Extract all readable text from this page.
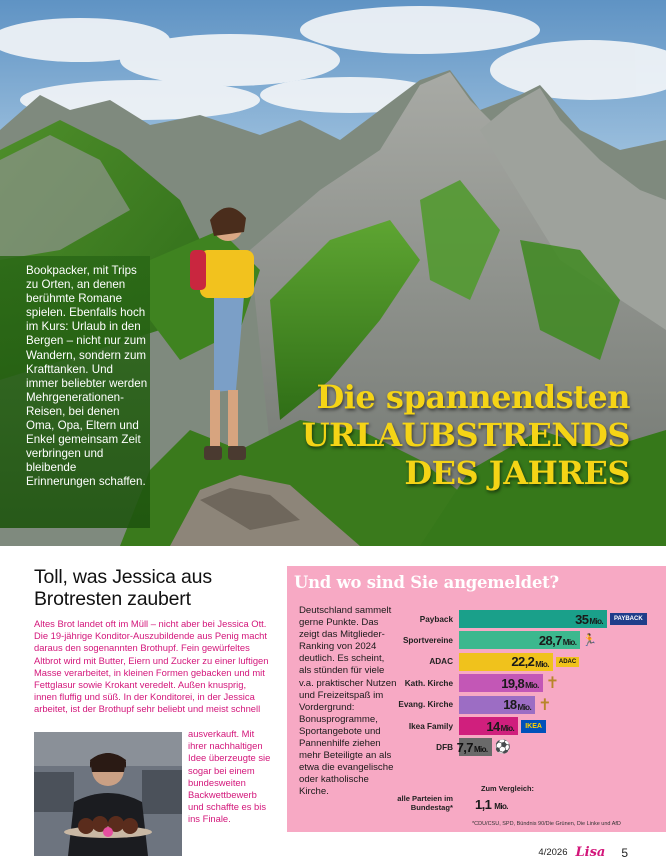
Bookpacker, mit Trips zu Orten, an denen berühmte Romane spielen. Ebenfalls hoch im Kurs: Urlaub in den Bergen – nicht nur zum Wandern, sondern zum Krafttanken. Und immer beliebter werden Mehrgenerationen-Reisen, bei denen Oma, Opa, Eltern und Enkel gemeinsam Zeit verbringen und bleibende Erinnerungen schaffen.

Die spannendsten
URLAUBSTRENDS
DES JAHRES
Toll, was Jessica aus Brotresten zaubert

Altes Brot landet oft im Müll – nicht aber bei Jessica Ott. Die 19-jährige Konditor-Auszubildende aus Penig macht daraus den sogenannten Brothupf. Fein gewürfeltes Altbrot wird mit Butter, Eiern und Zucker zu einer luftigen Masse verarbeitet, in kleinen Formen gebacken und mit Fettglasur sowie Krokant veredelt. Außen knusprig, innen fluffig und süß. In der Konditorei, in der Jessica arbeitet, ist der Brothupf sehr beliebt und meist schnell

ausverkauft. Mit ihrer nachhaltigen Idee überzeugte sie sogar bei einem bundesweiten Backwettbewerb und schaffte es bis ins Finale.

Und wo sind Sie angemeldet?

Deutschland sammelt gerne Punkte. Das zeigt das Mitglieder-Ranking von 2024 deutlich. Es scheint, als stünden für viele v.a. praktischer Nutzen und Freizeitspaß im Vordergrund: Bonusprogramme, Sportangebote und Pannenhilfe ziehen mehr Beteiligte an als etwa die evangelische oder katholische Kirche.

Payback	35 Mio.	PAYBACK
Sportvereine	28,7 Mio. 🏃
ADAC	22,2 Mio.	ADAC
Kath. Kirche	19,8 Mio. ✝
Evang. Kirche	18 Mio. ✝
Ikea Family	14 Mio.	IKEA
DFB 7,7 Mio. ⚽
Zum Vergleich:
alle Parteien im Bundestag*	1,1 Mio.
*CDU/CSU, SPD, Bündnis 90/Die Grünen, Die Linke und AfD
4/2026 Lisa 5
